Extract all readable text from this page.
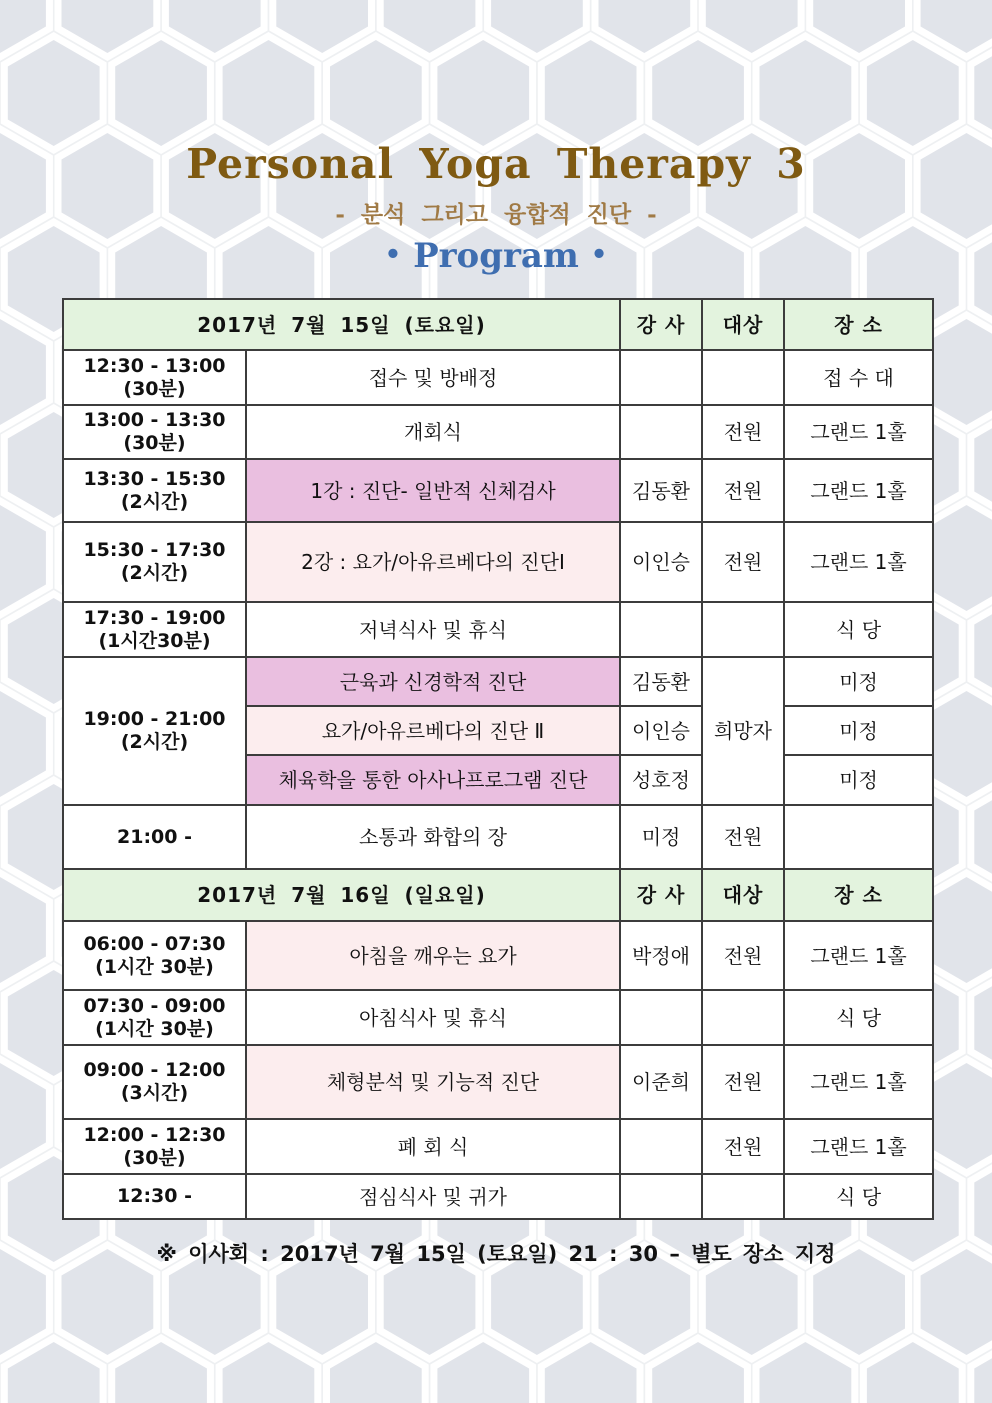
Personal Yoga Therapy 3
- 분석 그리고 융합적 진단 -
• Program •
2017년 7월 15일 (토요일)		강 사	대상	장 소
12:30 - 13:00
(30분)	접수 및 방배정			접 수 대
13:00 - 13:30
(30분)	개회식		전원	그랜드 1홀
13:30 - 15:30
(2시간)	1강 : 진단- 일반적 신체검사	김동환	전원	그랜드 1홀
15:30 - 17:30
(2시간)	2강 : 요가/아유르베다의 진단Ⅰ	이인승	전원	그랜드 1홀
17:30 - 19:00
(1시간30분)	저녁식사 및 휴식			식 당
19:00 - 21:00
(2시간)	근육과 신경학적 진단	김동환	희망자	미정
	요가/아유르베다의 진단 Ⅱ	이인승		미정
	체육학을 통한 아사나프로그램 진단	성호정		미정
21:00 -	소통과 화합의 장	미정	전원	
2017년 7월 16일 (일요일)		강 사	대상	장 소
06:00 - 07:30
(1시간 30분)	아침을 깨우는 요가	박정애	전원	그랜드 1홀
07:30 - 09:00
(1시간 30분)	아침식사 및 휴식			식 당
09:00 - 12:00
(3시간)	체형분석 및 기능적 진단	이준희	전원	그랜드 1홀
12:00 - 12:30
(30분)	폐 회 식		전원	그랜드 1홀
12:30 -	점심식사 및 귀가			식 당
※ 이사회 : 2017년 7월 15일 (토요일) 21 : 30 – 별도 장소 지정
